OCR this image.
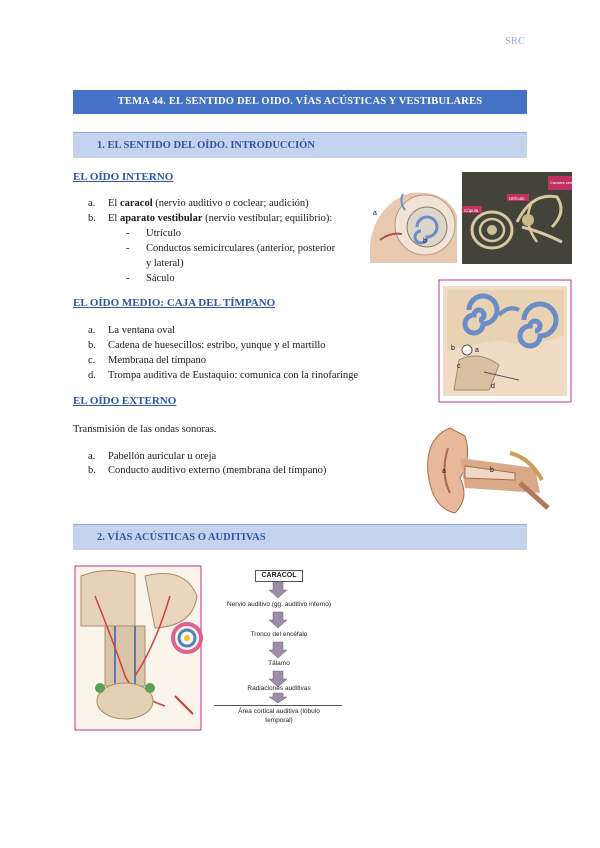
SRC
TEMA 44. EL SENTIDO DEL OIDO. VÍAS ACÚSTICAS Y VESTIBULARES
1. EL SENTIDO DEL OÍDO. INTRODUCCIÓN
EL OÍDO INTERNO
a. El caracol (nervio auditivo o coclear; audición)
b. El aparato vestibular (nervio vestibular; equilibrio):
- Utrículo
- Conductos semicirculares (anterior, posterior
y lateral)
- Sáculo
a
b
Cúpula
Utrículo
Canales semicirc.
EL OÍDO MEDIO: CAJA DEL TÍMPANO
a. La ventana oval
b. Cadena de huesecillos: estribo, yunque y el martillo
c. Membrana del tímpano
d. Trompa auditiva de Eustaquio: comunica con la rinofaringe
b	a
c
d
EL OÍDO EXTERNO
Transmisión de las ondas sonoras.
a. Pabellón auricular u oreja
b. Conducto auditivo externo (membrana del tímpano)	a	b
2. VÍAS ACÚSTICAS O AUDITIVAS
CARACOL
Nervio auditivo (gg. auditivo interno)
Tronco del encéfalo
Tálamo
Radiaciones auditivas
Área cortical auditiva (lóbulo
temporal)
